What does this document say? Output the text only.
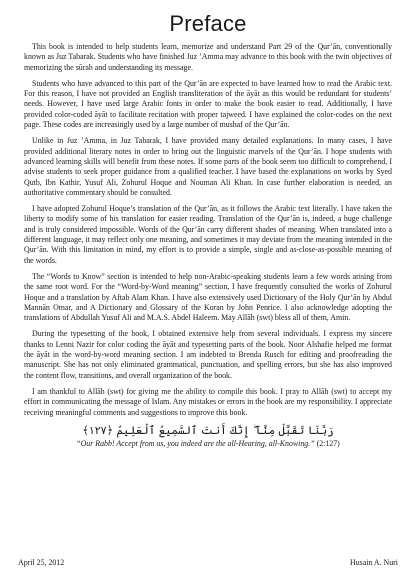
Preface

This book is intended to help students learn, memorize and understand Part 29 of the Qur’ān, conventionally known as Juz Tabarak. Students who have finished Juz ’Amma may advance to this book with the twin objectives of memorizing the sūrah and understanding its message.

Students who have advanced to this part of the Qur’ān are expected to have learned how to read the Arabic text. For this reason, I have not provided an English transliteration of the āyāt as this would be redundant for students’ needs. However, I have used large Arabic fonts in order to make the book easier to read. Additionally, I have provided color-coded āyāt to facilitate recitation with proper tajweed. I have explained the color-codes on the next page. These codes are increasingly used by a large number of mushaf of the Qur’ān.

Unlike in Juz ’Amma, in Juz Tabarak, I have provided many detailed explanations. In many cases, I have provided additional literary notes in order to bring out the linguistic marvels of the Qur’ān. I hope students with advanced learning skills will benefit from these notes. If some parts of the book seem too difficult to comprehend, I advise students to seek proper guidance from a qualified teacher. I have based the explanations on works by Syed Qutb, Ibn Kathir, Yusuf Ali, Zohurul Hoque and Nouman Ali Khan. In case further elaboration is needed, an authoritative commentary should be consulted.

I have adopted Zohurul Hoque’s translation of the Qur’ān, as it follows the Arabic text literally. I have taken the liberty to modify some of his translation for easier reading. Translation of the Qur’ān is, indeed, a huge challenge and is truly considered impossible. Words of the Qur’ān carry different shades of meaning. When translated into a different language, it may reflect only one meaning, and sometimes it may deviate from the meaning intended in the Qur’ān. With this limitation in mind, my effort is to provide a simple, single and as-close-as-possible meaning of the words.

The “Words to Know” section is intended to help non-Arabic-speaking students learn a few words arising from the same root word. For the “Word-by-Word meaning” section, I have frequently consulted the works of Zohurul Hoque and a translation by Aftab Alam Khan. I have also extensively used Dictionary of the Holy Qur’ān by Abdul Mannān Omar, and A Dictionary and Glossary of the Koran by John Penrice. I also acknowledge adopting the translations of Abdullah Yusuf Ali and M.A.S. Abdel Haleem. May Allāh (swt) bless all of them, Amin.

During the typesetting of the book, I obtained extensive help from several individuals. I express my sincere thanks to Lenni Nazir for color coding the āyāt and typesetting parts of the book. Noor Alshafie helped me format the āyāt in the word-by-word meaning section. I am indebted to Brenda Rusch for editing and proofreading the manuscript. She has not only eliminated grammatical, punctuation, and spelling errors, but she has also improved the content flow, transitions, and overall organization of the book.

I am thankful to Allāh (swt) for giving me the ability to compile this book. I pray to Allāh (swt) to accept my effort in communicating the message of Islam. Any mistakes or errors in the book are my responsibility. I appreciate receiving meaningful comments and suggestions to improve this book.

رَبَّنَا تَقَبَّلْ مِنَّآ ۖ إِنَّكَ أَنتَ ٱلسَّمِيعُ ٱلْعَلِيمُ ﴿١٢٧﴾
“Our Rabb! Accept from us, you indeed are the all-Hearing, all-Knowing.” (2:127)
April 25, 2012	Husain A. Nuri
